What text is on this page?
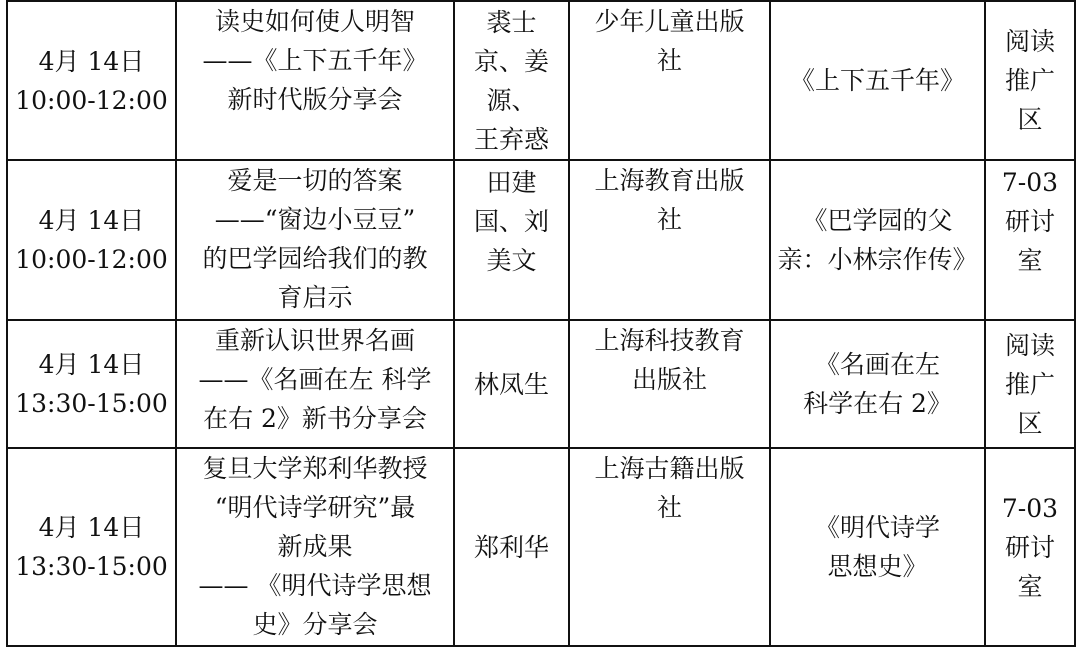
4月 14日
10:00-12:00	读史如何使人明智
——《上下五千年》
新时代版分享会	裘士
京、姜
源、
王弃惑	少年儿童出版
社	《上下五千年》	阅读
推广
区
4月 14日
10:00-12:00	爱是一切的答案
——“窗边小豆豆”
的巴学园给我们的教
育启示	田建
国、刘
美文	上海教育出版
社	《巴学园的父
亲：小林宗作传》	7-03
研讨
室
4月 14日
13:30-15:00	重新认识世界名画
——《名画在左 科学
在右 2》新书分享会	林凤生	上海科技教育
出版社	《名画在左
科学在右 2》	阅读
推广
区
4月 14日
13:30-15:00	复旦大学郑利华教授
“明代诗学研究”最
新成果
—— 《明代诗学思想
史》分享会	郑利华	上海古籍出版
社	《明代诗学
思想史》	7-03
研讨
室
